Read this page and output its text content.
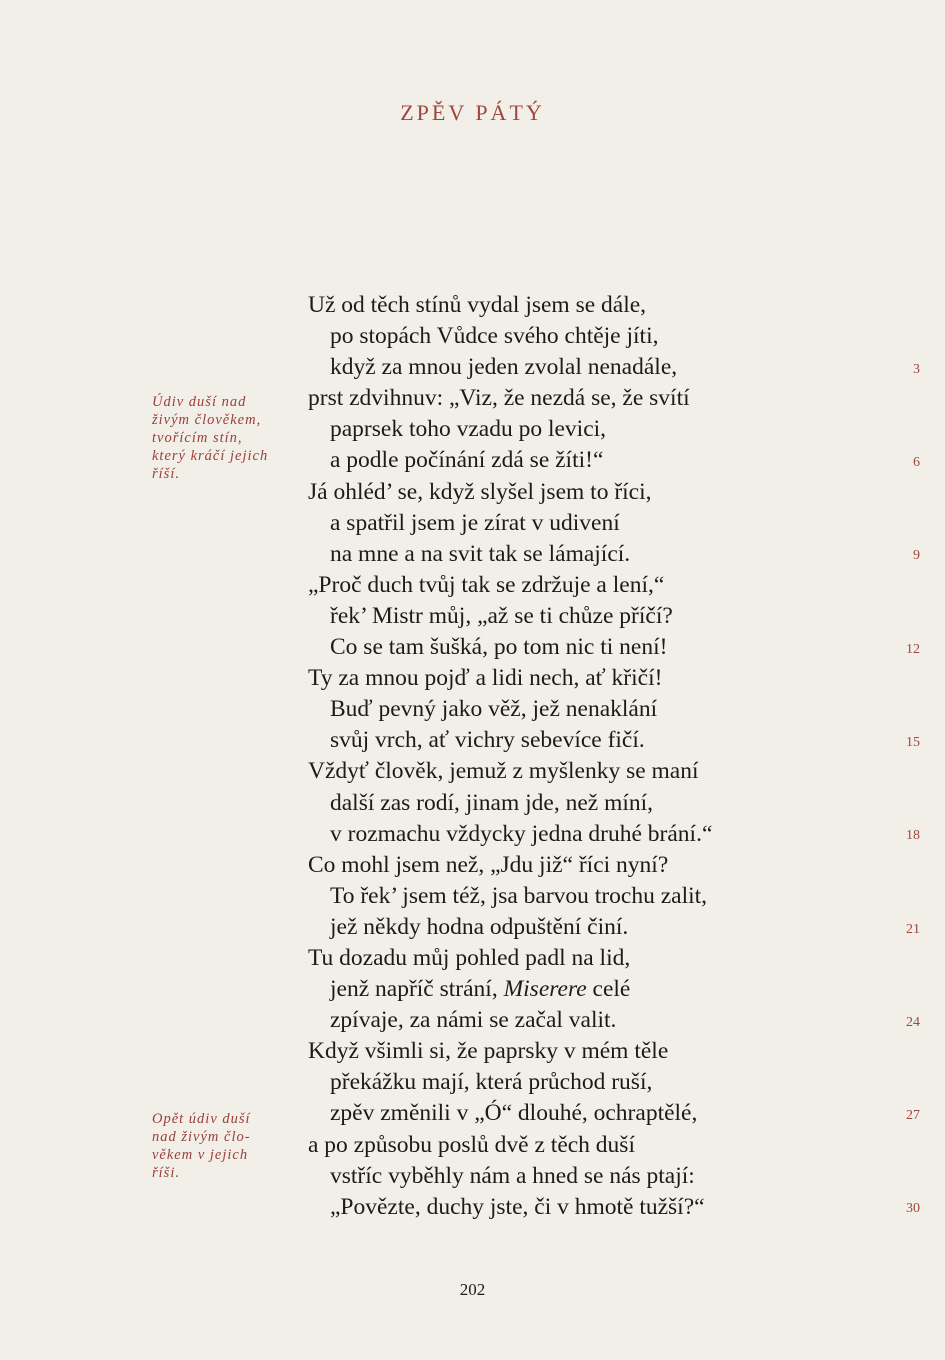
ZPĚV PÁTÝ
Už od těch stínů vydal jsem se dále,
po stopách Vůdce svého chtěje jíti,
když za mnou jeden zvolal nenadále,
prst zdvihnuv: „Viz, že nezdá se, že svítí
paprsek toho vzadu po levici,
a podle počínání zdá se žíti!“
Já ohléd’ se, když slyšel jsem to říci,
a spatřil jsem je zírat v udivení
na mne a na svit tak se lámající.
„Proč duch tvůj tak se zdržuje a lení,“
řek’ Mistr můj, „až se ti chůze příčí?
Co se tam šušká, po tom nic ti není!
Ty za mnou pojď a lidi nech, ať křičí!
Buď pevný jako věž, jež nenaklání
svůj vrch, ať vichry sebevíce fičí.
Vždyť člověk, jemuž z myšlenky se maní
další zas rodí, jinam jde, než míní,
v rozmachu vždycky jedna druhé brání.“
Co mohl jsem než, „Jdu již“ říci nyní?
To řek’ jsem též, jsa barvou trochu zalit,
jež někdy hodna odpuštění činí.
Tu dozadu můj pohled padl na lid,
jenž napříč strání, Miserere celé
zpívaje, za námi se začal valit.
Když všimli si, že paprsky v mém těle
překážku mají, která průchod ruší,
zpěv změnili v „Ó“ dlouhé, ochraptělé,
a po způsobu poslů dvě z těch duší
vstříc vyběhly nám a hned se nás ptají:
„Povězte, duchy jste, či v hmotě tužší?“
3
6
9
12
15
18
21
24
27
30
Údiv duší nad
živým člověkem,
tvořícím stín,
který kráčí jejich
říší.
Opět údiv duší
nad živým člo-
věkem v jejich
říši.
202
